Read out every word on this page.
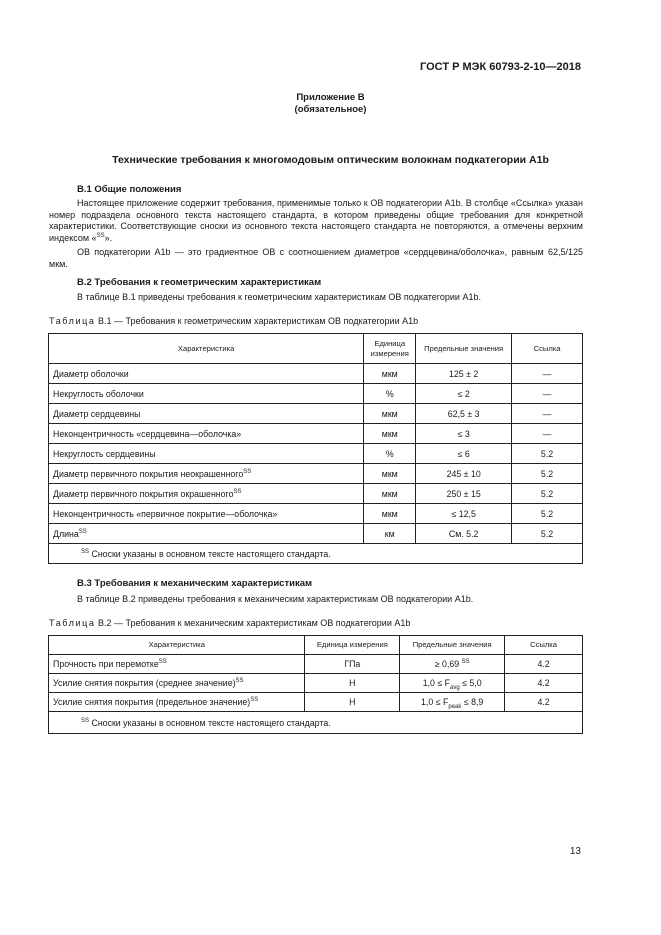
ГОСТ Р МЭК 60793-2-10—2018
Приложение В
(обязательное)
Технические требования к многомодовым оптическим волокнам подкатегории А1b
В.1 Общие положения
Настоящее приложение содержит требования, применимые только к ОВ подкатегории А1b. В столбце «Ссылка» указан номер подраздела основного текста настоящего стандарта, в котором приведены общие требования для конкретной характеристики. Соответствующие сноски из основного текста настоящего стандарта не повторяются, а отмечены верхним индексом «$^{SS}$».
ОВ подкатегории А1b — это градиентное ОВ с соотношением диаметров «сердцевина/оболочка», равным 62,5/125 мкм.
В.2 Требования к геометрическим характеристикам
В таблице В.1 приведены требования к геометрическим характеристикам ОВ подкатегории А1b.
Таблица В.1 — Требования к геометрическим характеристикам ОВ подкатегории А1b
Характеристика	Единица измерения	Предельные значения	Ссылка
Диаметр оболочки	мкм	125 ± 2	—
Некруглость оболочки	%	≤ 2	—
Диаметр сердцевины	мкм	62,5 ± 3	—
Неконцентричность «сердцевина—оболочка»	мкм	≤ 3	—
Некруглость сердцевины	%	≤ 6	5.2
Диаметр первичного покрытия неокрашенного$^{SS}$	мкм	245 ± 10	5.2
Диаметр первичного покрытия окрашенного$^{SS}$	мкм	250 ± 15	5.2
Неконцентричность «первичное покрытие—оболочка»	мкм	≤ 12,5	5.2
Длина$^{SS}$	км	См. 5.2	5.2
$^{SS}$ Сноски указаны в основном тексте настоящего стандарта.			
В.3 Требования к механическим характеристикам
В таблице В.2 приведены требования к механическим характеристикам ОВ подкатегории А1b.
Таблица В.2 — Требования к механическим характеристикам ОВ подкатегории А1b
Характеристика	Единица измерения	Предельные значения	Ссылка
Прочность при перемотке$^{SS}$	ГПа	≥ 0,69 $^{SS}$	4.2
Усилие снятия покрытия (среднее значение)$^{SS}$	Н	$1,0 \le F_{avg} \le 5,0$	4.2
Усилие снятия покрытия (предельное значение)$^{SS}$	Н	$1,0 \le F_{peak} \le 8,9$	4.2
$^{SS}$ Сноски указаны в основном тексте настоящего стандарта.			
13
